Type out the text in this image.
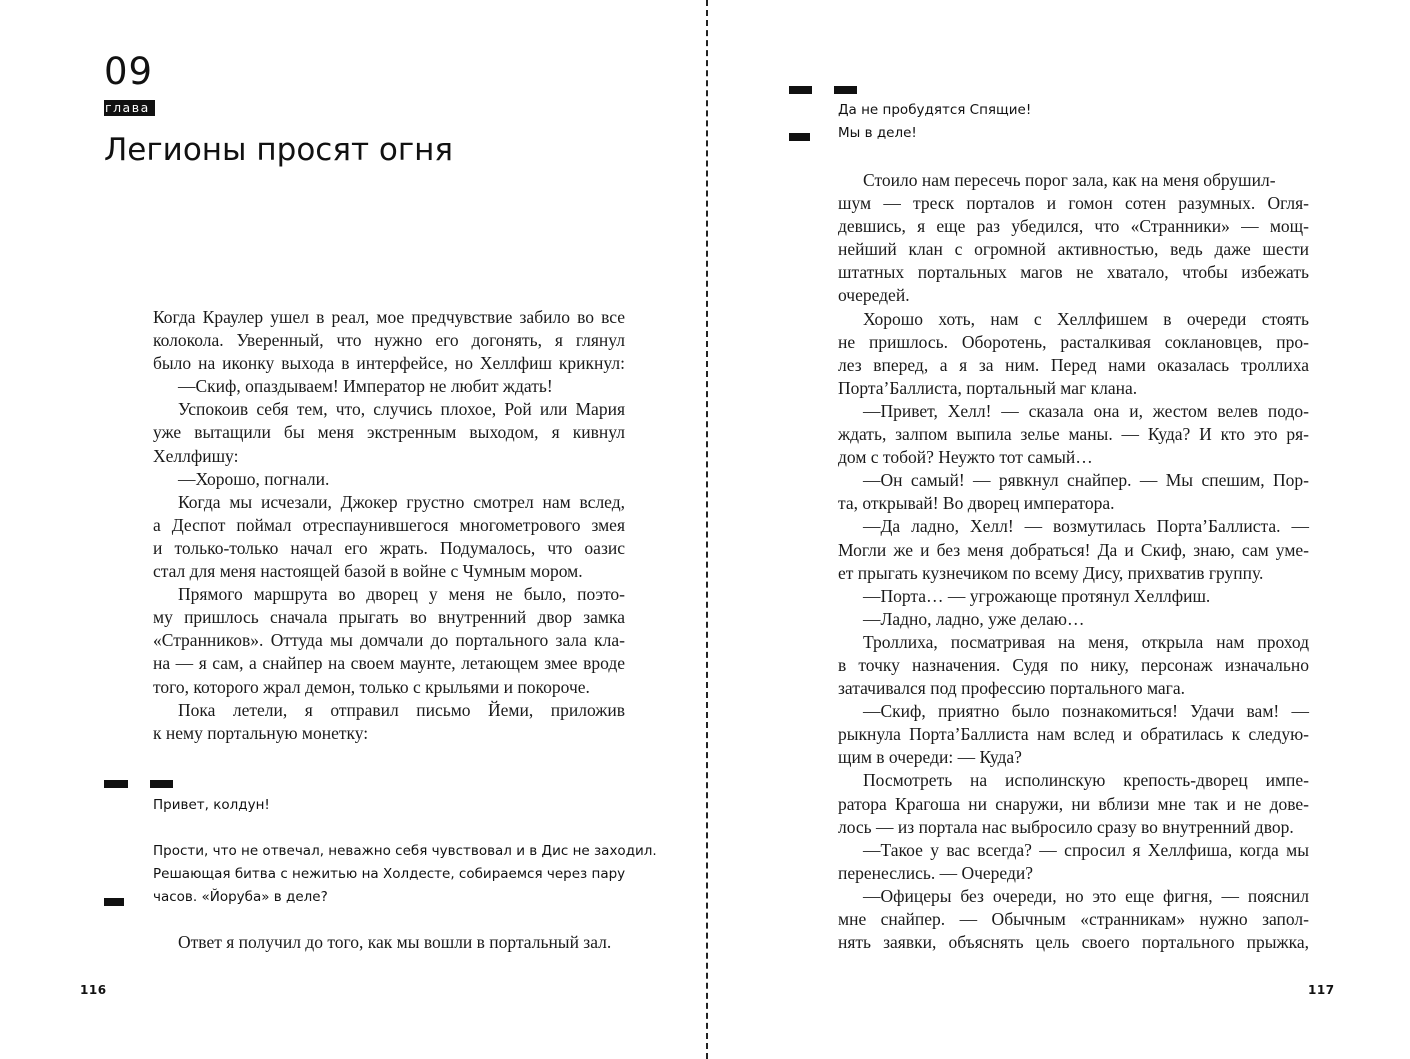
09
глава
Легионы просят огня
Когда Краулер ушел в реал, мое предчувствие забило во все
колокола. Уверенный, что нужно его догонять, я глянул
было на иконку выхода в интерфейсе, но Хеллфиш крикнул:

—Скиф, опаздываем! Император не любит ждать!

Успокоив себя тем, что, случись плохое, Рой или Мария

уже вытащили бы меня экстренным выходом, я кивнул

Хеллфишу:

—Хорошо, погнали.

Когда мы исчезали, Джокер грустно смотрел нам вслед,

а Деспот поймал отреспаунившегося многометрового змея

и только-только начал его жрать. Подумалось, что оазис

стал для меня настоящей базой в войне с Чумным мором.

Прямого маршрута во дворец у меня не было, поэто-

му пришлось сначала прыгать во внутренний двор замка

«Странников». Оттуда мы домчали до портального зала кла-

на — я сам, а снайпер на своем маунте, летающем змее вроде

того, которого жрал демон, только с крыльями и покороче.

Пока летели, я отправил письмо Йеми, приложив

к нему портальную монетку:

Привет, колдун!

Прости, что не отвечал, неважно себя чувствовал и в Дис не заходил.

Решающая битва с нежитью на Холдесте, собираемся через пару

часов. «Йоруба» в деле?

Ответ я получил до того, как мы вошли в портальный зал.

116

Да не пробудятся Спящие!

Мы в деле!

Стоило нам пересечь порог зала, как на меня обрушил-
шум — треск порталов и гомон сотен разумных. Огля-
девшись, я еще раз убедился, что «Странники» — мощ-
нейший клан с огромной активностью, ведь даже шести
штатных портальных магов не хватало, чтобы избежать
очередей.
Хорошо хоть, нам с Хеллфишем в очереди стоять
не пришлось. Оборотень, расталкивая соклановцев, про-
лез вперед, а я за ним. Перед нами оказалась троллиха
Порта’Баллиста, портальный маг клана.
—Привет, Хелл! — сказала она и, жестом велев подо-
ждать, залпом выпила зелье маны. — Куда? И кто это ря-
дом с тобой? Неужто тот самый…
—Он самый! — рявкнул снайпер. — Мы спешим, Пор-
та, открывай! Во дворец императора.
—Да ладно, Хелл! — возмутилась Порта’Баллиста. —
Могли же и без меня добраться! Да и Скиф, знаю, сам уме-
ет прыгать кузнечиком по всему Дису, прихватив группу.
—Порта… — угрожающе протянул Хеллфиш.
—Ладно, ладно, уже делаю…
Троллиха, посматривая на меня, открыла нам проход
в точку назначения. Судя по нику, персонаж изначально
затачивался под профессию портального мага.
—Скиф, приятно было познакомиться! Удачи вам! —
рыкнула Порта’Баллиста нам вслед и обратилась к следую-
щим в очереди: — Куда?
Посмотреть на исполинскую крепость-дворец импе-
ратора Крагоша ни снаружи, ни вблизи мне так и не дове-
лось — из портала нас выбросило сразу во внутренний двор.
—Такое у вас всегда? — спросил я Хеллфиша, когда мы
перенеслись. — Очереди?
—Офицеры без очереди, но это еще фигня, — пояснил
мне снайпер. — Обычным «странникам» нужно запол-
нять заявки, объяснять цель своего портального прыжка,
117
